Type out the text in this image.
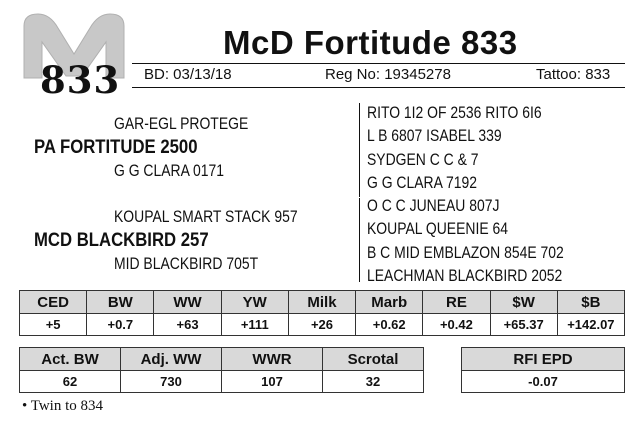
833
McD Fortitude 833
BD: 03/13/18	Reg No: 19345278	Tattoo: 833
GAR-EGL PROTEGE
PA FORTITUDE 2500
G G CLARA 0171
KOUPAL SMART STACK 957
MCD BLACKBIRD 257
MID BLACKBIRD 705T
RITO 1I2 OF 2536 RITO 6I6
L B 6807 ISABEL 339
SYDGEN C C & 7
G G CLARA 7192
O C C JUNEAU 807J
KOUPAL QUEENIE 64
B C MID EMBLAZON 854E 702
LEACHMAN BLACKBIRD 2052
CED	BW	WW	YW	Milk	Marb	RE	$W	$B
+5	+0.7	+63	+111	+26	+0.62	+0.42	+65.37	+142.07
Act. BW	Adj. WW	WWR	Scrotal
62	730	107	32
RFI EPD
-0.07
• Twin to 834
